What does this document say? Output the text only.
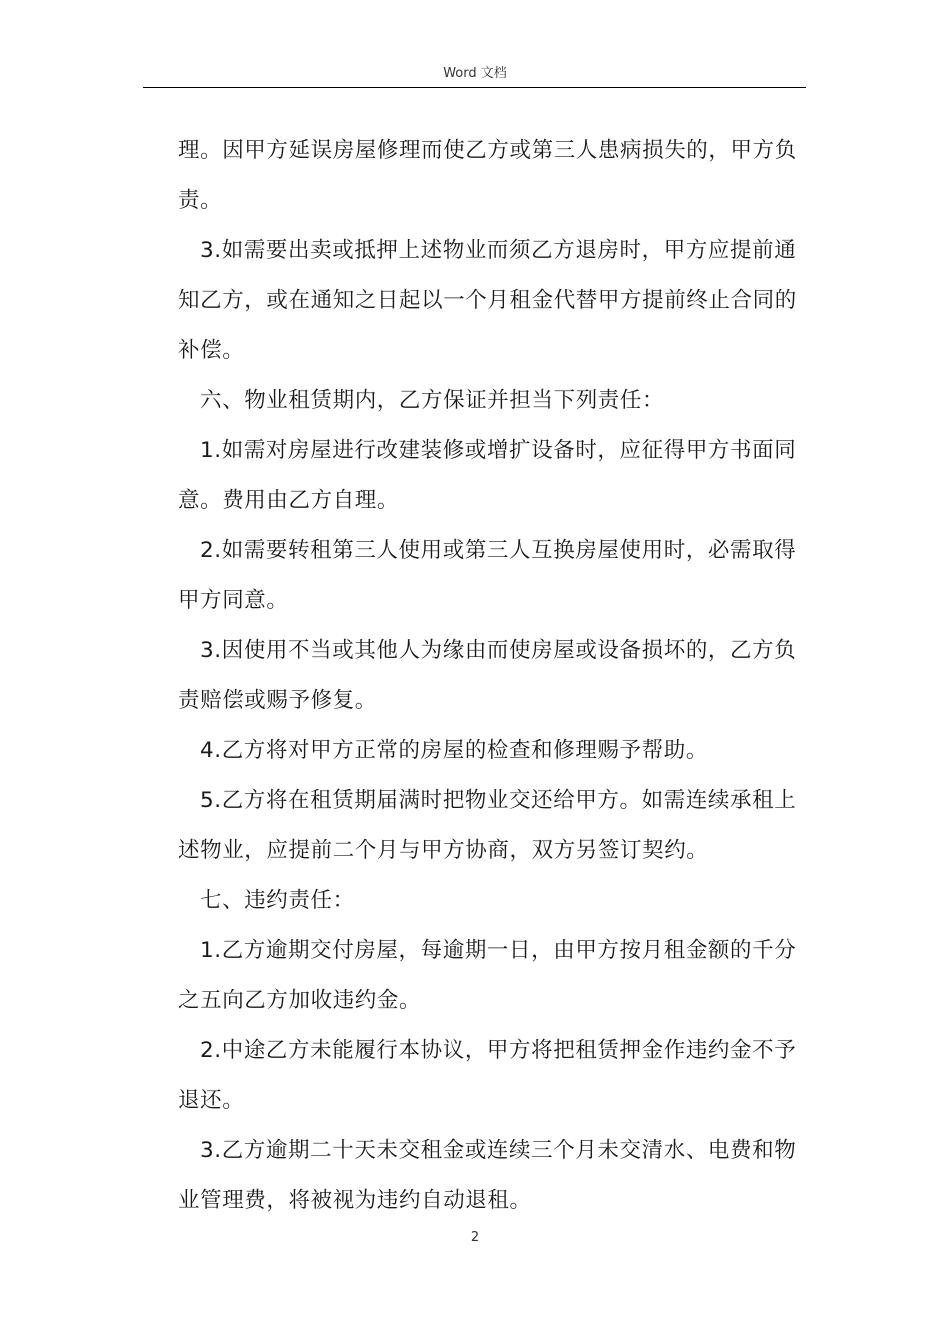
Word 文档

理。因甲方延误房屋修理而使乙方或第三人患病损失的，甲方负

责。

3.如需要出卖或抵押上述物业而须乙方退房时，甲方应提前通

知乙方，或在通知之日起以一个月租金代替甲方提前终止合同的

补偿。

六、物业租赁期内，乙方保证并担当下列责任：

1.如需对房屋进行改建装修或增扩设备时，应征得甲方书面同

意。费用由乙方自理。

2.如需要转租第三人使用或第三人互换房屋使用时，必需取得

甲方同意。

3.因使用不当或其他人为缘由而使房屋或设备损坏的，乙方负

责赔偿或赐予修复。

4.乙方将对甲方正常的房屋的检查和修理赐予帮助。

5.乙方将在租赁期届满时把物业交还给甲方。如需连续承租上

述物业，应提前二个月与甲方协商，双方另签订契约。

七、违约责任：

1.乙方逾期交付房屋，每逾期一日，由甲方按月租金额的千分

之五向乙方加收违约金。

2.中途乙方未能履行本协议，甲方将把租赁押金作违约金不予

退还。

3.乙方逾期二十天未交租金或连续三个月未交清水、电费和物

业管理费，将被视为违约自动退租。

2
